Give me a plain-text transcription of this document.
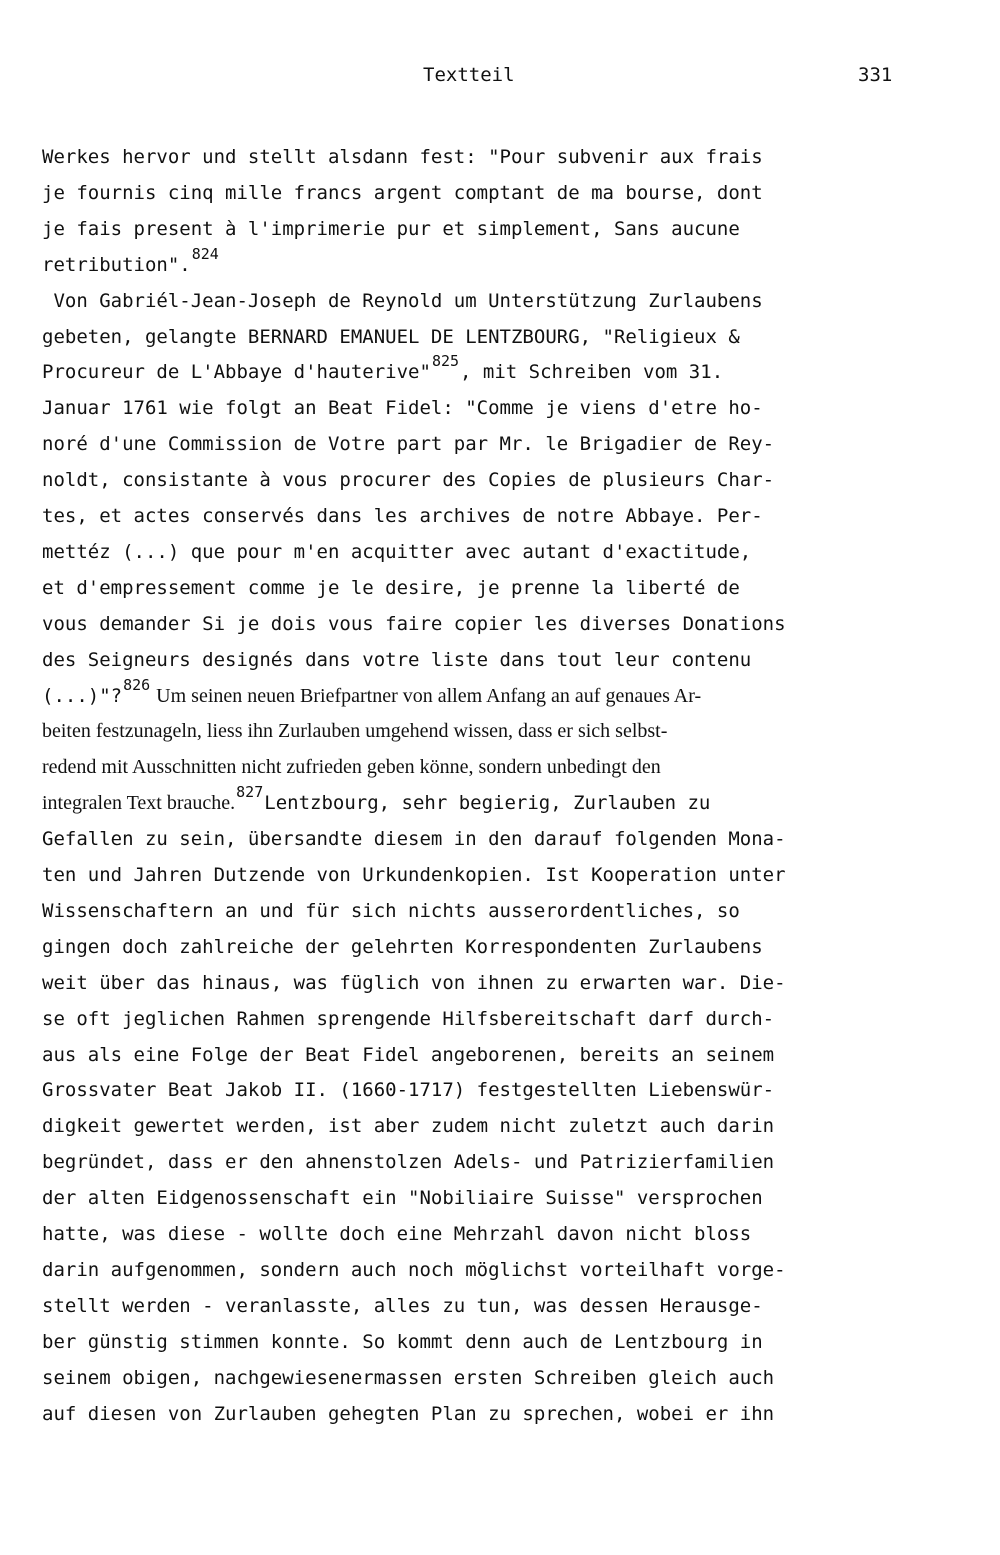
Textteil	331
Werkes hervor und stellt alsdann fest: "Pour subvenir aux frais
je fournis cinq mille francs argent comptant de ma bourse, dont
je fais present à l'imprimerie pur et simplement, Sans aucune
retribution".$^{824}$
Von Gabriél-Jean-Joseph de Reynold um Unterstützung Zurlaubens
gebeten, gelangte BERNARD EMANUEL DE LENTZBOURG, "Religieux &
Procureur de L'Abbaye d'hauterive"$^{825}$, mit Schreiben vom 31.
Januar 1761 wie folgt an Beat Fidel: "Comme je viens d'etre ho-
noré d'une Commission de Votre part par Mr. le Brigadier de Rey-
noldt, consistante à vous procurer des Copies de plusieurs Char-
tes, et actes conservés dans les archives de notre Abbaye. Per-
mettéz (...) que pour m'en acquitter avec autant d'exactitude,
et d'empressement comme je le desire, je prenne la liberté de
vous demander Si je dois vous faire copier les diverses Donations
des Seigneurs designés dans votre liste dans tout leur contenu
(...)"?$^{826}$ Um seinen neuen Briefpartner von allem Anfang an auf genaues Ar-
beiten festzunageln, liess ihn Zurlauben umgehend wissen, dass er sich selbst-
redend mit Ausschnitten nicht zufrieden geben könne, sondern unbedingt den
integralen Text brauche.$^{827}$Lentzbourg, sehr begierig, Zurlauben zu
Gefallen zu sein, übersandte diesem in den darauf folgenden Mona-
ten und Jahren Dutzende von Urkundenkopien. Ist Kooperation unter
Wissenschaftern an und für sich nichts ausserordentliches, so
gingen doch zahlreiche der gelehrten Korrespondenten Zurlaubens
weit über das hinaus, was füglich von ihnen zu erwarten war. Die-
se oft jeglichen Rahmen sprengende Hilfsbereitschaft darf durch-
aus als eine Folge der Beat Fidel angeborenen, bereits an seinem
Grossvater Beat Jakob II. (1660-1717) festgestellten Liebenswür-
digkeit gewertet werden, ist aber zudem nicht zuletzt auch darin
begründet, dass er den ahnenstolzen Adels- und Patrizierfamilien
der alten Eidgenossenschaft ein "Nobiliaire Suisse" versprochen
hatte, was diese - wollte doch eine Mehrzahl davon nicht bloss
darin aufgenommen, sondern auch noch möglichst vorteilhaft vorge-
stellt werden - veranlasste, alles zu tun, was dessen Herausge-
ber günstig stimmen konnte. So kommt denn auch de Lentzbourg in
seinem obigen, nachgewiesenermassen ersten Schreiben gleich auch
auf diesen von Zurlauben gehegten Plan zu sprechen, wobei er ihn
